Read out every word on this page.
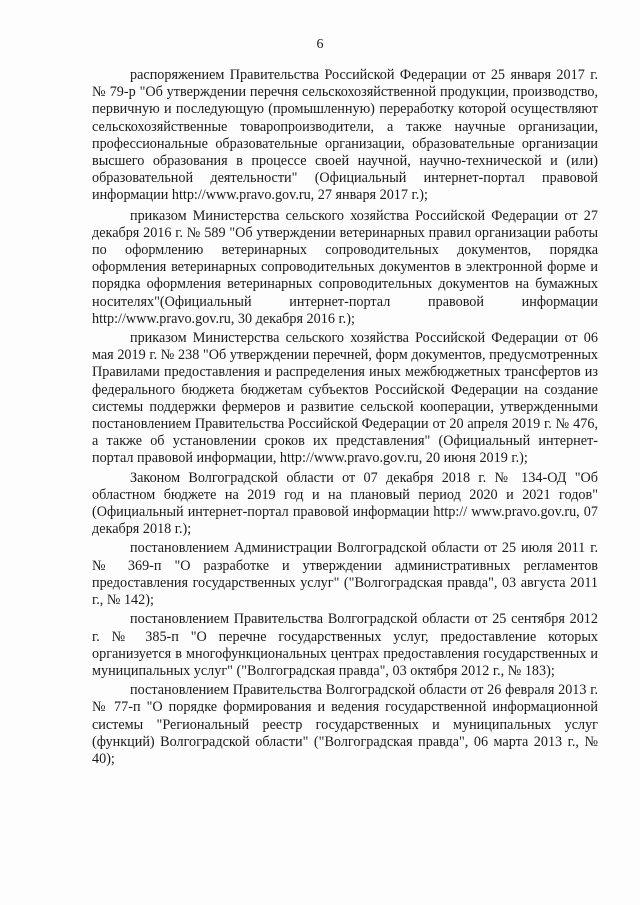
6

распоряжением Правительства Российской Федерации от 25 января 2017 г. № 79-р "Об утверждении перечня сельскохозяйственной продукции, производство, первичную и последующую (промышленную) переработку которой осуществляют сельскохозяйственные товаропроизводители, а также научные организации, профессиональные образовательные организации, образовательные организации высшего образования в процессе своей научной, научно-технической и (или) образовательной деятельности" (Официальный интернет-портал правовой информации http://www.pravo.gov.ru, 27 января 2017 г.);

приказом Министерства сельского хозяйства Российской Федерации от 27 декабря 2016 г. № 589 "Об утверждении ветеринарных правил организации работы по оформлению ветеринарных сопроводительных документов, порядка оформления ветеринарных сопроводительных документов в электронной форме и порядка оформления ветеринарных сопроводительных документов на бумажных носителях"(Официальный интернет-портал правовой информации http://www.pravo.gov.ru, 30 декабря 2016 г.);

приказом Министерства сельского хозяйства Российской Федерации от 06 мая 2019 г. № 238 "Об утверждении перечней, форм документов, предусмотренных Правилами предоставления и распределения иных межбюджетных трансфертов из федерального бюджета бюджетам субъектов Российской Федерации на создание системы поддержки фермеров и развитие сельской кооперации, утвержденными постановлением Правительства Российской Федерации от 20 апреля 2019 г. № 476, а также об установлении сроков их представления" (Официальный интернет-портал правовой информации, http://www.pravo.gov.ru, 20 июня 2019 г.);

Законом Волгоградской области от 07 декабря 2018 г. № 134-ОД "Об областном бюджете на 2019 год и на плановый период 2020 и 2021 годов" (Официальный интернет-портал правовой информации http:// www.pravo.gov.ru, 07 декабря 2018 г.);

постановлением Администрации Волгоградской области от 25 июля 2011 г. № 369-п "О разработке и утверждении административных регламентов предоставления государственных услуг" ("Волгоградская правда", 03 августа 2011 г., № 142);

постановлением Правительства Волгоградской области от 25 сентября 2012 г. № 385-п "О перечне государственных услуг, предоставление которых организуется в многофункциональных центрах предоставления государственных и муниципальных услуг" ("Волгоградская правда", 03 октября 2012 г., № 183);

постановлением Правительства Волгоградской области от 26 февраля 2013 г. № 77-п "О порядке формирования и ведения государственной информационной системы "Региональный реестр государственных и муниципальных услуг (функций) Волгоградской области" ("Волгоградская правда", 06 марта 2013 г., № 40);
